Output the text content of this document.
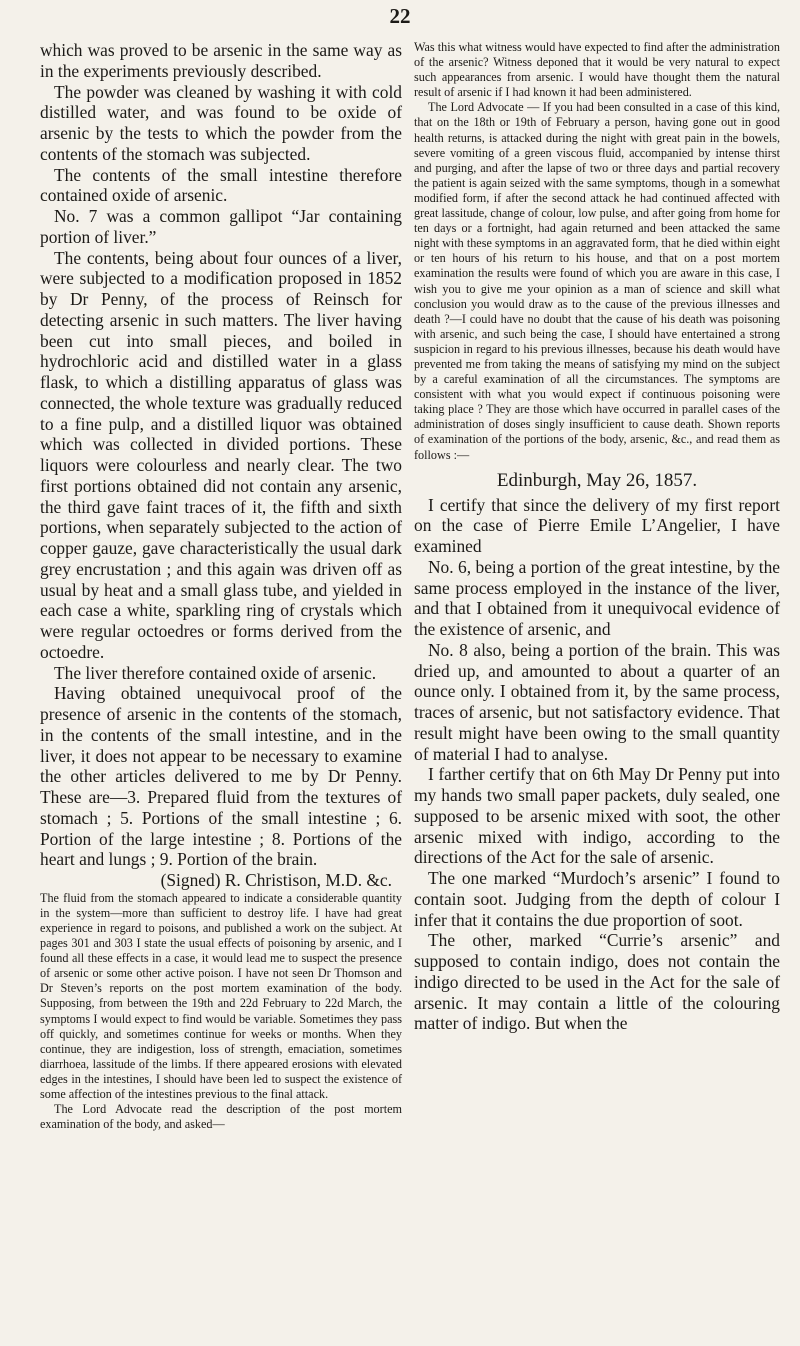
22

which was proved to be arsenic in the same way as in the experiments previously described.

The powder was cleaned by washing it with cold distilled water, and was found to be oxide of arsenic by the tests to which the powder from the contents of the stomach was subjected.

The contents of the small intestine therefore contained oxide of arsenic.

No. 7 was a common gallipot “Jar containing portion of liver.”

The contents, being about four ounces of a liver, were subjected to a modification proposed in 1852 by Dr Penny, of the process of Reinsch for detecting arsenic in such matters. The liver having been cut into small pieces, and boiled in hydrochloric acid and distilled water in a glass flask, to which a distilling apparatus of glass was connected, the whole texture was gradually reduced to a fine pulp, and a distilled liquor was obtained which was collected in divided portions. These liquors were colourless and nearly clear. The two first portions obtained did not contain any arsenic, the third gave faint traces of it, the fifth and sixth portions, when separately subjected to the action of copper gauze, gave characteristically the usual dark grey encrustation ; and this again was driven off as usual by heat and a small glass tube, and yielded in each case a white, sparkling ring of crystals which were regular octoedres or forms derived from the octoedre.

The liver therefore contained oxide of arsenic.

Having obtained unequivocal proof of the presence of arsenic in the contents of the stomach, in the contents of the small intestine, and in the liver, it does not appear to be necessary to examine the other articles delivered to me by Dr Penny. These are—3. Prepared fluid from the textures of stomach ; 5. Portions of the small intestine ; 6. Portion of the large intestine ; 8. Portions of the heart and lungs ; 9. Portion of the brain.

(Signed) R. Christison, M.D. &c.

The fluid from the stomach appeared to indicate a considerable quantity in the system—more than sufficient to destroy life. I have had great experience in regard to poisons, and published a work on the subject. At pages 301 and 303 I state the usual effects of poisoning by arsenic, and I found all these effects in a case, it would lead me to suspect the presence of arsenic or some other active poison. I have not seen Dr Thomson and Dr Steven’s reports on the post mortem examination of the body. Supposing, from between the 19th and 22d February to 22d March, the symptoms I would expect to find would be variable. Sometimes they pass off quickly, and sometimes continue for weeks or months. When they continue, they are indigestion, loss of strength, emaciation, sometimes diarrhoea, lassitude of the limbs. If there appeared erosions with elevated edges in the intestines, I should have been led to suspect the existence of some affection of the intestines previous to the final attack.

The Lord Advocate read the description of the post mortem examination of the body, and asked—

Was this what witness would have expected to find after the administration of the arsenic? Witness deponed that it would be very natural to expect such appearances from arsenic. I would have thought them the natural result of arsenic if I had known it had been administered.

The Lord Advocate — If you had been consulted in a case of this kind, that on the 18th or 19th of February a person, having gone out in good health returns, is attacked during the night with great pain in the bowels, severe vomiting of a green viscous fluid, accompanied by intense thirst and purging, and after the lapse of two or three days and partial recovery the patient is again seized with the same symptoms, though in a somewhat modified form, if after the second attack he had continued affected with great lassitude, change of colour, low pulse, and after going from home for ten days or a fortnight, had again returned and been attacked the same night with these symptoms in an aggravated form, that he died within eight or ten hours of his return to his house, and that on a post mortem examination the results were found of which you are aware in this case, I wish you to give me your opinion as a man of science and skill what conclusion you would draw as to the cause of the previous illnesses and death ?—I could have no doubt that the cause of his death was poisoning with arsenic, and such being the case, I should have entertained a strong suspicion in regard to his previous illnesses, because his death would have prevented me from taking the means of satisfying my mind on the subject by a careful examination of all the circumstances. The symptoms are consistent with what you would expect if continuous poisoning were taking place ? They are those which have occurred in parallel cases of the administration of doses singly insufficient to cause death. Shown reports of examination of the portions of the body, arsenic, &c., and read them as follows :—

Edinburgh, May 26, 1857.

I certify that since the delivery of my first report on the case of Pierre Emile L’Angelier, I have examined

No. 6, being a portion of the great intestine, by the same process employed in the instance of the liver, and that I obtained from it unequivocal evidence of the existence of arsenic, and

No. 8 also, being a portion of the brain. This was dried up, and amounted to about a quarter of an ounce only. I obtained from it, by the same process, traces of arsenic, but not satisfactory evidence. That result might have been owing to the small quantity of material I had to analyse.

I farther certify that on 6th May Dr Penny put into my hands two small paper packets, duly sealed, one supposed to be arsenic mixed with soot, the other arsenic mixed with indigo, according to the directions of the Act for the sale of arsenic.

The one marked “Murdoch’s arsenic” I found to contain soot. Judging from the depth of colour I infer that it contains the due proportion of soot.

The other, marked “Currie’s arsenic” and supposed to contain indigo, does not contain the indigo directed to be used in the Act for the sale of arsenic. It may contain a little of the colouring matter of indigo. But when the
